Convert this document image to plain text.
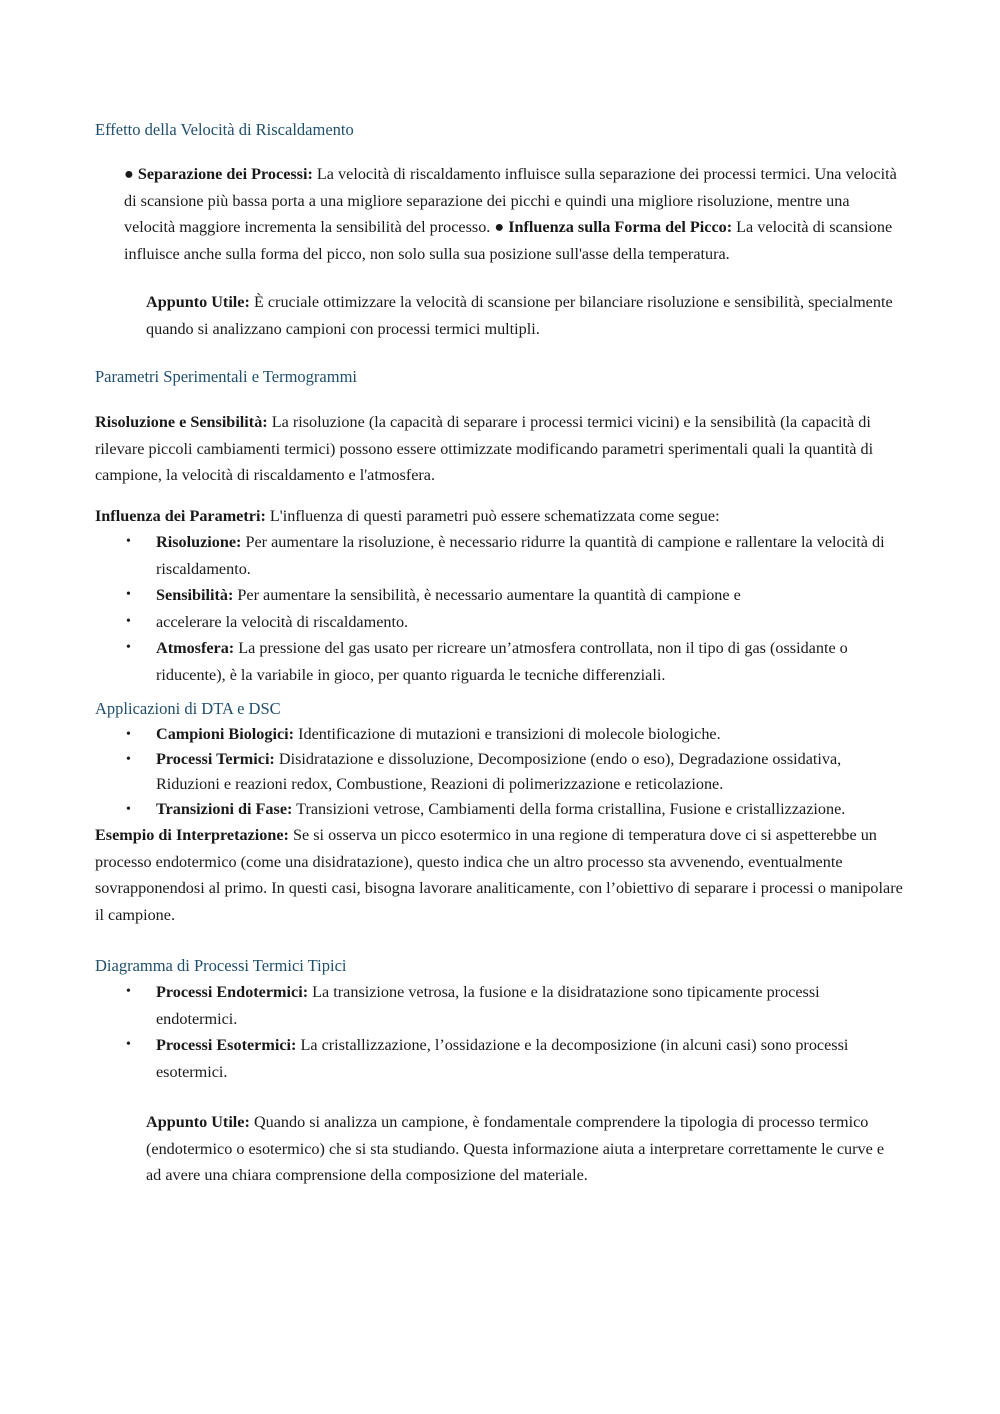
Effetto della Velocità di Riscaldamento

● Separazione dei Processi: La velocità di riscaldamento influisce sulla separazione dei processi termici. Una velocità di scansione più bassa porta a una migliore separazione dei picchi e quindi una migliore risoluzione, mentre una velocità maggiore incrementa la sensibilità del processo. ● Influenza sulla Forma del Picco: La velocità di scansione influisce anche sulla forma del picco, non solo sulla sua posizione sull'asse della temperatura.

Appunto Utile: È cruciale ottimizzare la velocità di scansione per bilanciare risoluzione e sensibilità, specialmente quando si analizzano campioni con processi termici multipli.

Parametri Sperimentali e Termogrammi

Risoluzione e Sensibilità: La risoluzione (la capacità di separare i processi termici vicini) e la sensibilità (la capacità di rilevare piccoli cambiamenti termici) possono essere ottimizzate modificando parametri sperimentali quali la quantità di campione, la velocità di riscaldamento e l'atmosfera.

Influenza dei Parametri: L'influenza di questi parametri può essere schematizzata come segue:

• Risoluzione: Per aumentare la risoluzione, è necessario ridurre la quantità di campione e rallentare la velocità di riscaldamento.
• Sensibilità: Per aumentare la sensibilità, è necessario aumentare la quantità di campione e
• accelerare la velocità di riscaldamento.
• Atmosfera: La pressione del gas usato per ricreare un’atmosfera controllata, non il tipo di gas (ossidante o riducente), è la variabile in gioco, per quanto riguarda le tecniche differenziali.
Applicazioni di DTA e DSC
• Campioni Biologici: Identificazione di mutazioni e transizioni di molecole biologiche.
• Processi Termici: Disidratazione e dissoluzione, Decomposizione (endo o eso), Degradazione ossidativa, Riduzioni e reazioni redox, Combustione, Reazioni di polimerizzazione e reticolazione.
• Transizioni di Fase: Transizioni vetrose, Cambiamenti della forma cristallina, Fusione e cristallizzazione.

Esempio di Interpretazione: Se si osserva un picco esotermico in una regione di temperatura dove ci si aspetterebbe un processo endotermico (come una disidratazione), questo indica che un altro processo sta avvenendo, eventualmente sovrapponendosi al primo. In questi casi, bisogna lavorare analiticamente, con l’obiettivo di separare i processi o manipolare il campione.

Diagramma di Processi Termici Tipici
• Processi Endotermici: La transizione vetrosa, la fusione e la disidratazione sono tipicamente processi endotermici.
• Processi Esotermici: La cristallizzazione, l’ossidazione e la decomposizione (in alcuni casi) sono processi esotermici.

Appunto Utile: Quando si analizza un campione, è fondamentale comprendere la tipologia di processo termico (endotermico o esotermico) che si sta studiando. Questa informazione aiuta a interpretare correttamente le curve e ad avere una chiara comprensione della composizione del materiale.
